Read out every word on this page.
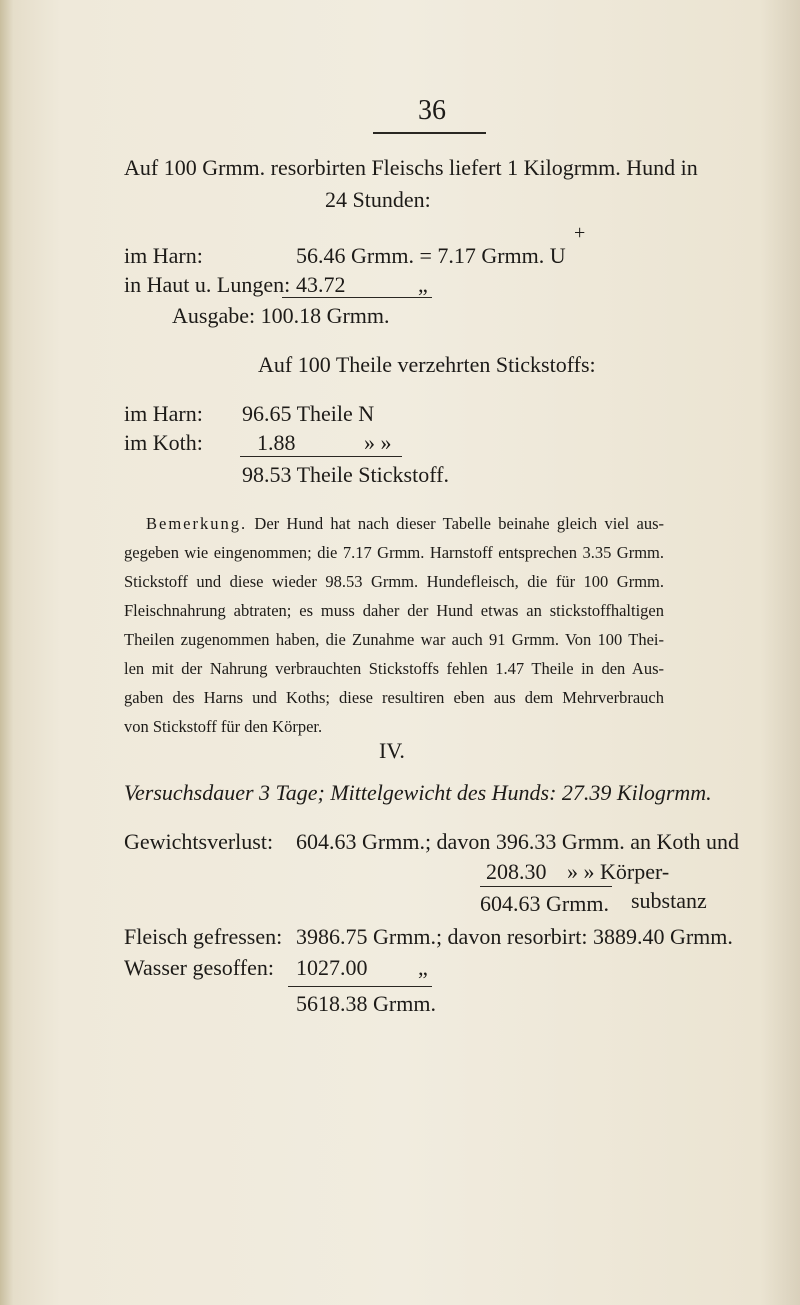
36
Auf 100 Grmm. resorbirten Fleischs liefert 1 Kilogrmm. Hund in
24 Stunden:
+
im Harn:	56.46 Grmm. = 7.17 Grmm. U
in Haut u. Lungen: 43.72	„
Ausgabe: 100.18 Grmm.
Auf 100 Theile verzehrten Stickstoffs:
im Harn: 96.65 Theile N
im Koth: 1.88	» »
98.53 Theile Stickstoff.
Bemerkung. Der Hund hat nach dieser Tabelle beinahe gleich viel aus-
gegeben wie eingenommen; die 7.17 Grmm. Harnstoff entsprechen 3.35 Grmm.
Stickstoff und diese wieder 98.53 Grmm. Hundefleisch, die für 100 Grmm.
Fleischnahrung abtraten; es muss daher der Hund etwas an stickstoffhaltigen
Theilen zugenommen haben, die Zunahme war auch 91 Grmm. Von 100 Thei-
len mit der Nahrung verbrauchten Stickstoffs fehlen 1.47 Theile in den Aus-
gaben des Harns und Koths; diese resultiren eben aus dem Mehrverbrauch
von Stickstoff für den Körper.
IV.
Versuchsdauer 3 Tage; Mittelgewicht des Hunds: 27.39 Kilogrmm.
Gewichtsverlust: 604.63 Grmm.; davon 396.33 Grmm. an Koth und
208.30 » » Körper-
604.63 Grmm. substanz
Fleisch gefressen: 3986.75 Grmm.; davon resorbirt: 3889.40 Grmm.
Wasser gesoffen: 1027.00 „
5618.38 Grmm.
